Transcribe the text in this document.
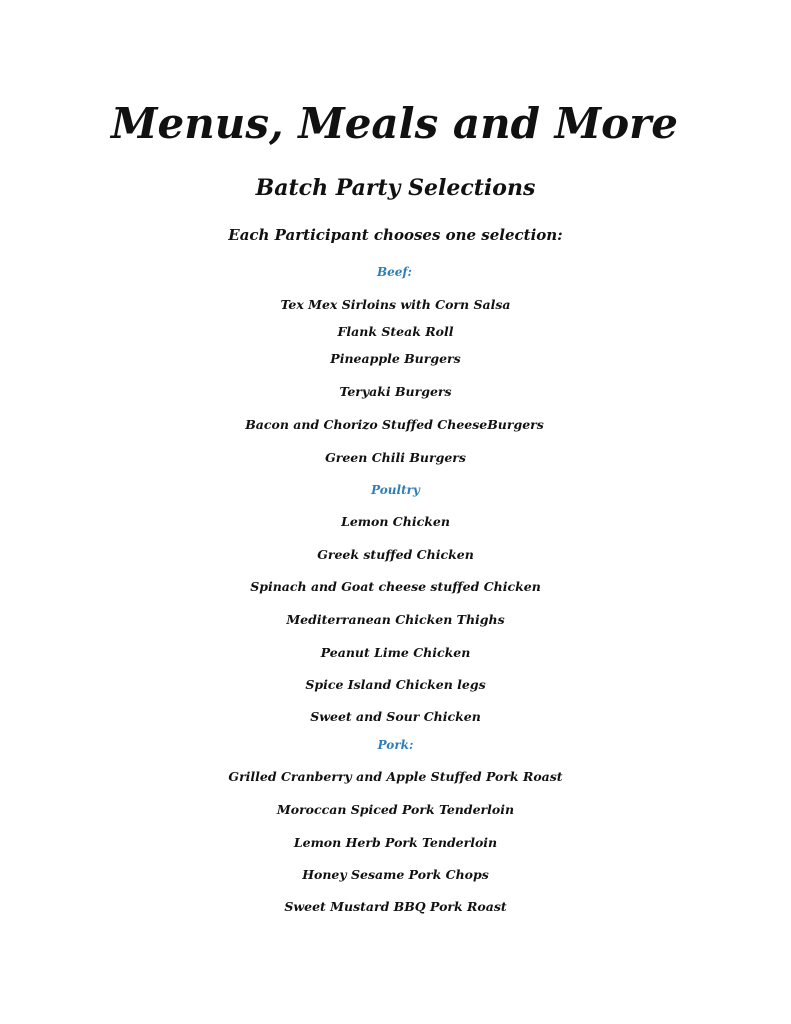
Menus, Meals and More
Batch Party Selections
Each Participant chooses one selection:
Beef:
Tex Mex Sirloins with Corn Salsa
Flank Steak Roll
Pineapple Burgers
Teryaki Burgers
Bacon and Chorizo Stuffed CheeseBurgers
Green Chili Burgers
Poultry
Lemon Chicken
Greek stuffed Chicken
Spinach and Goat cheese stuffed Chicken
Mediterranean Chicken Thighs
Peanut Lime Chicken
Spice Island Chicken legs
Sweet and Sour Chicken
Pork:
Grilled Cranberry and Apple Stuffed Pork Roast
Moroccan Spiced Pork Tenderloin
Lemon Herb Pork Tenderloin
Honey Sesame Pork Chops
Sweet Mustard BBQ Pork Roast
